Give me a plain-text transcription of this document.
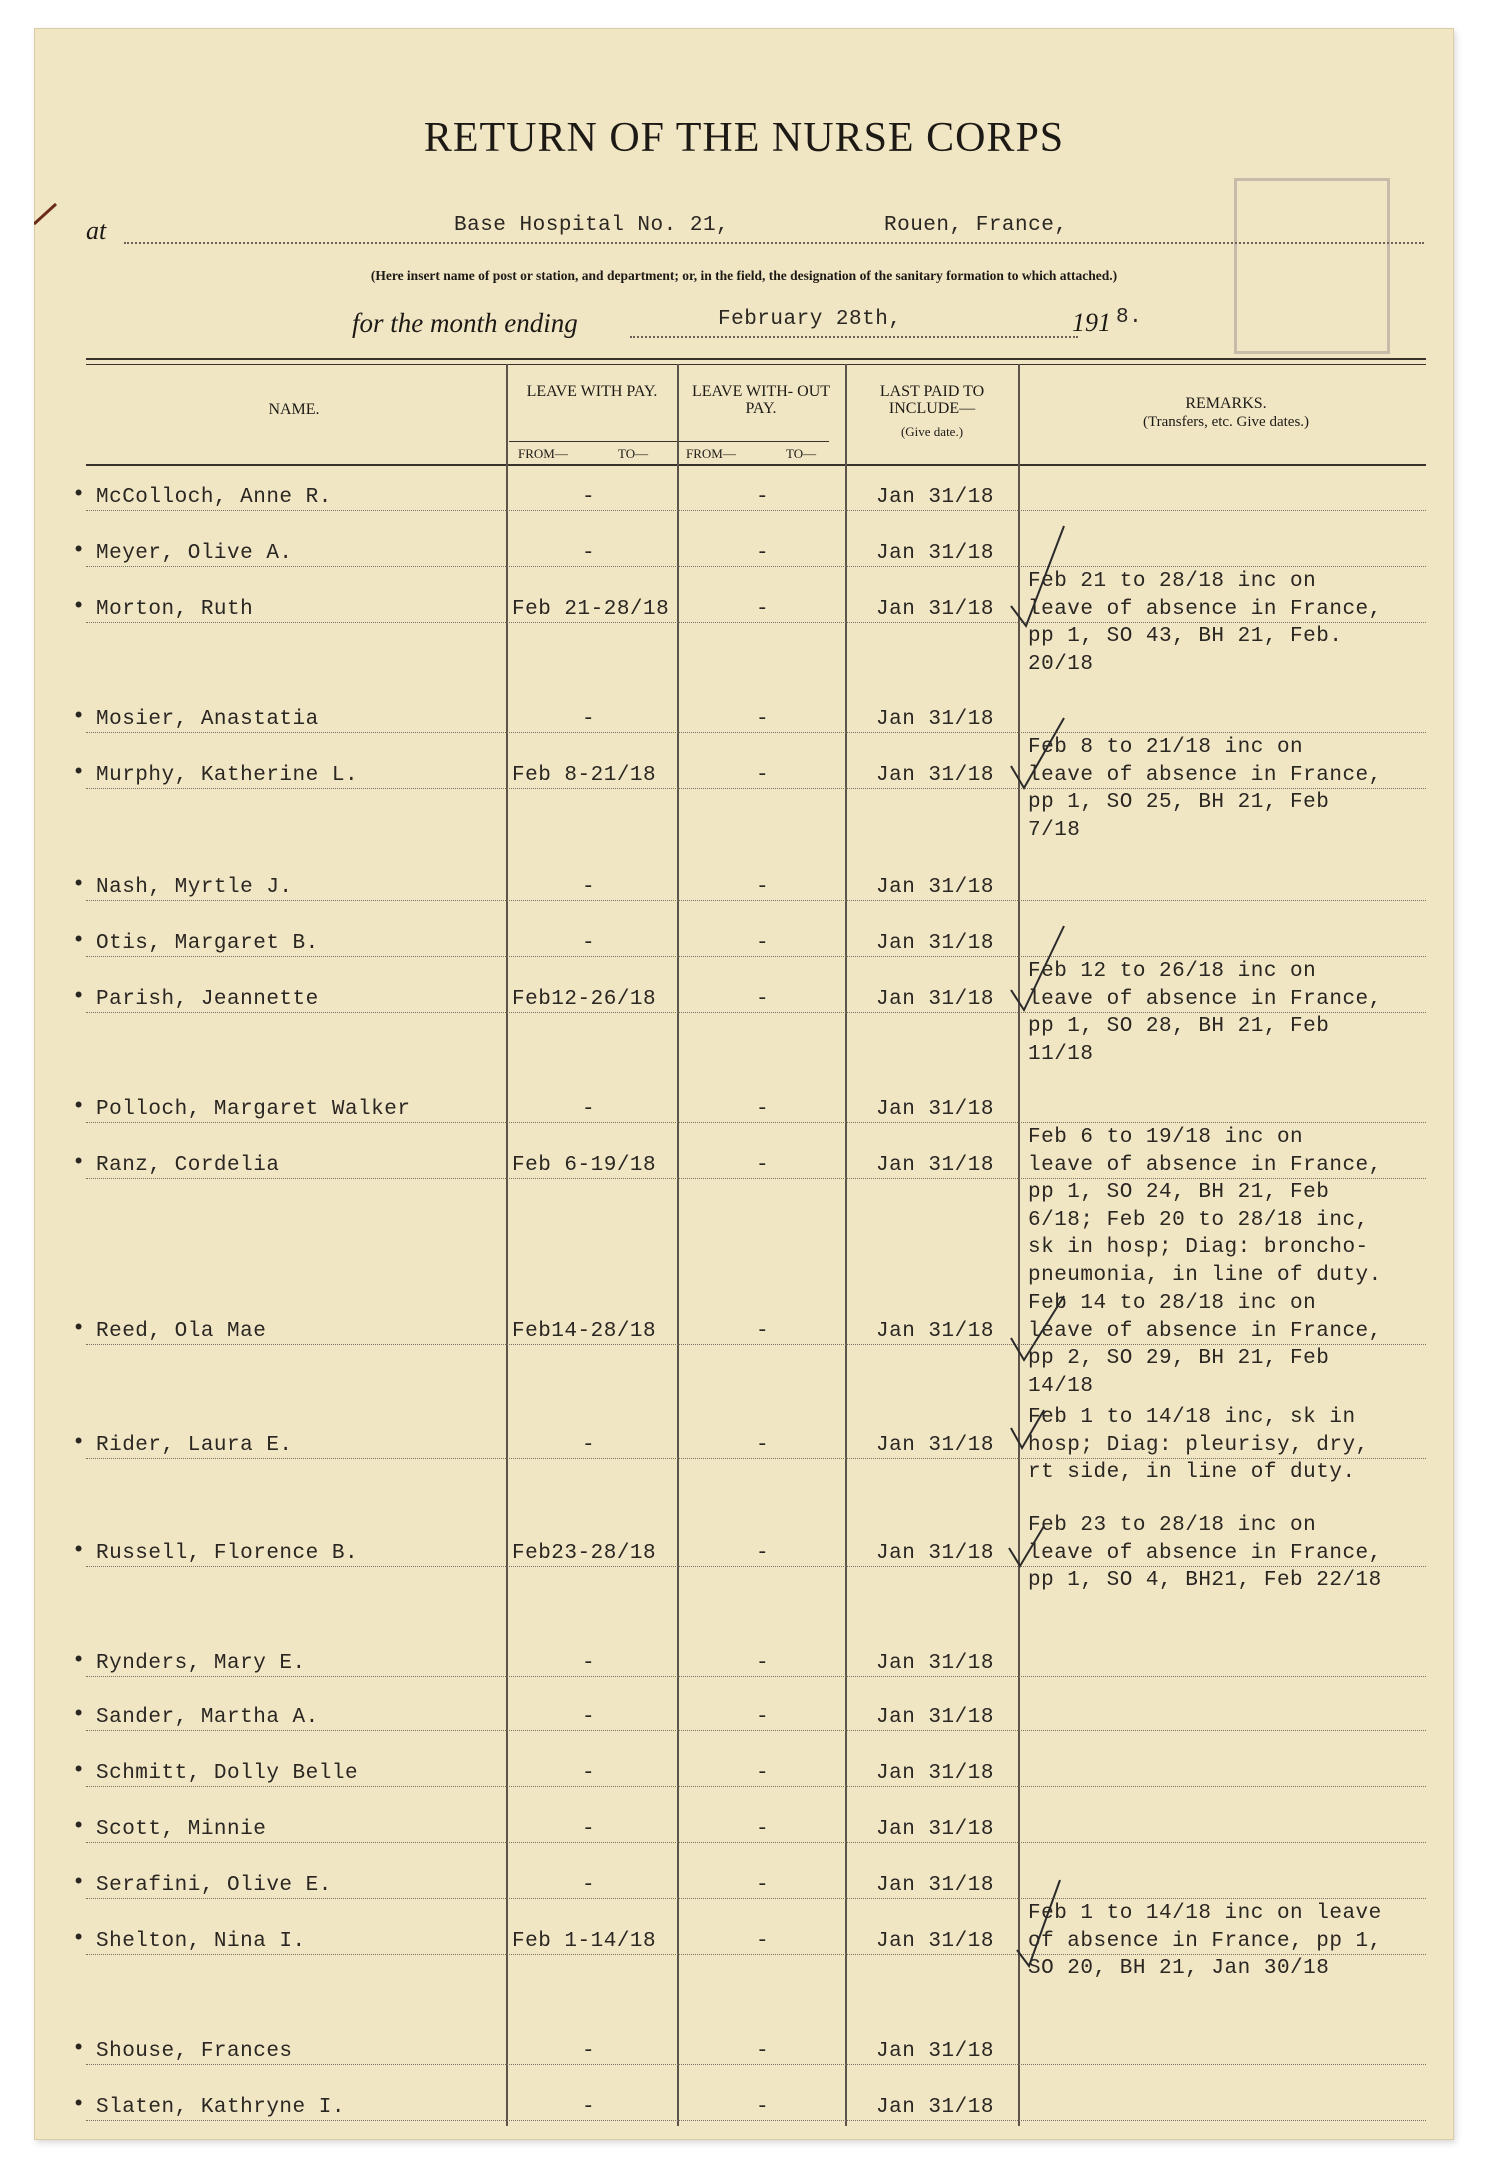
RETURN OF THE NURSE CORPS
at	Base Hospital No. 21,	Rouen, France,
(Here insert name of post or station, and department; or, in the field, the designation of the sanitary formation to which attached.)
for the month ending	February 28th,	191 8.
NAME.
LEAVE WITH PAY.
FROM—	TO—
LEAVE WITH- OUT PAY.
FROM—	TO—
LAST PAID TO INCLUDE—
(Give date.)
REMARKS.
(Transfers, etc. Give dates.)
• McColloch, Anne R.	-	-	Jan 31/18
• Meyer, Olive A.	-	-	Jan 31/18
• Morton, Ruth	Feb 21-28/18	-	Jan 31/18
Feb 21 to 28/18 inc on
leave of absence in France,
pp 1, SO 43, BH 21, Feb.
20/18
• Mosier, Anastatia	-	-	Jan 31/18
• Murphy, Katherine L.	Feb 8-21/18	-	Jan 31/18
Feb 8 to 21/18 inc on
leave of absence in France,
pp 1, SO 25, BH 21, Feb
7/18
• Nash, Myrtle J.	-	-	Jan 31/18
• Otis, Margaret B.	-	-	Jan 31/18
• Parish, Jeannette	Feb12-26/18	-	Jan 31/18
Feb 12 to 26/18 inc on
leave of absence in France,
pp 1, SO 28, BH 21, Feb
11/18
• Polloch, Margaret Walker	-	-	Jan 31/18
• Ranz, Cordelia	Feb 6-19/18	-	Jan 31/18
Feb 6 to 19/18 inc on
leave of absence in France,
pp 1, SO 24, BH 21, Feb
6/18; Feb 20 to 28/18 inc,
sk in hosp; Diag: broncho-
pneumonia, in line of duty.
• Reed, Ola Mae	Feb14-28/18	-	Jan 31/18
Feb 14 to 28/18 inc on
leave of absence in France,
pp 2, SO 29, BH 21, Feb
14/18
• Rider, Laura E.	-	-	Jan 31/18
Feb 1 to 14/18 inc, sk in
hosp; Diag: pleurisy, dry,
rt side, in line of duty.
• Russell, Florence B.	Feb23-28/18	-	Jan 31/18
Feb 23 to 28/18 inc on
leave of absence in France,
pp 1, SO 4, BH21, Feb 22/18
• Rynders, Mary E.	-	-	Jan 31/18
• Sander, Martha A.	-	-	Jan 31/18
• Schmitt, Dolly Belle	-	-	Jan 31/18
• Scott, Minnie	-	-	Jan 31/18
• Serafini, Olive E.	-	-	Jan 31/18
• Shelton, Nina I.	Feb 1-14/18	-	Jan 31/18
Feb 1 to 14/18 inc on leave
of absence in France, pp 1,
SO 20, BH 21, Jan 30/18
• Shouse, Frances	-	-	Jan 31/18
• Slaten, Kathryne I.	-	-	Jan 31/18
